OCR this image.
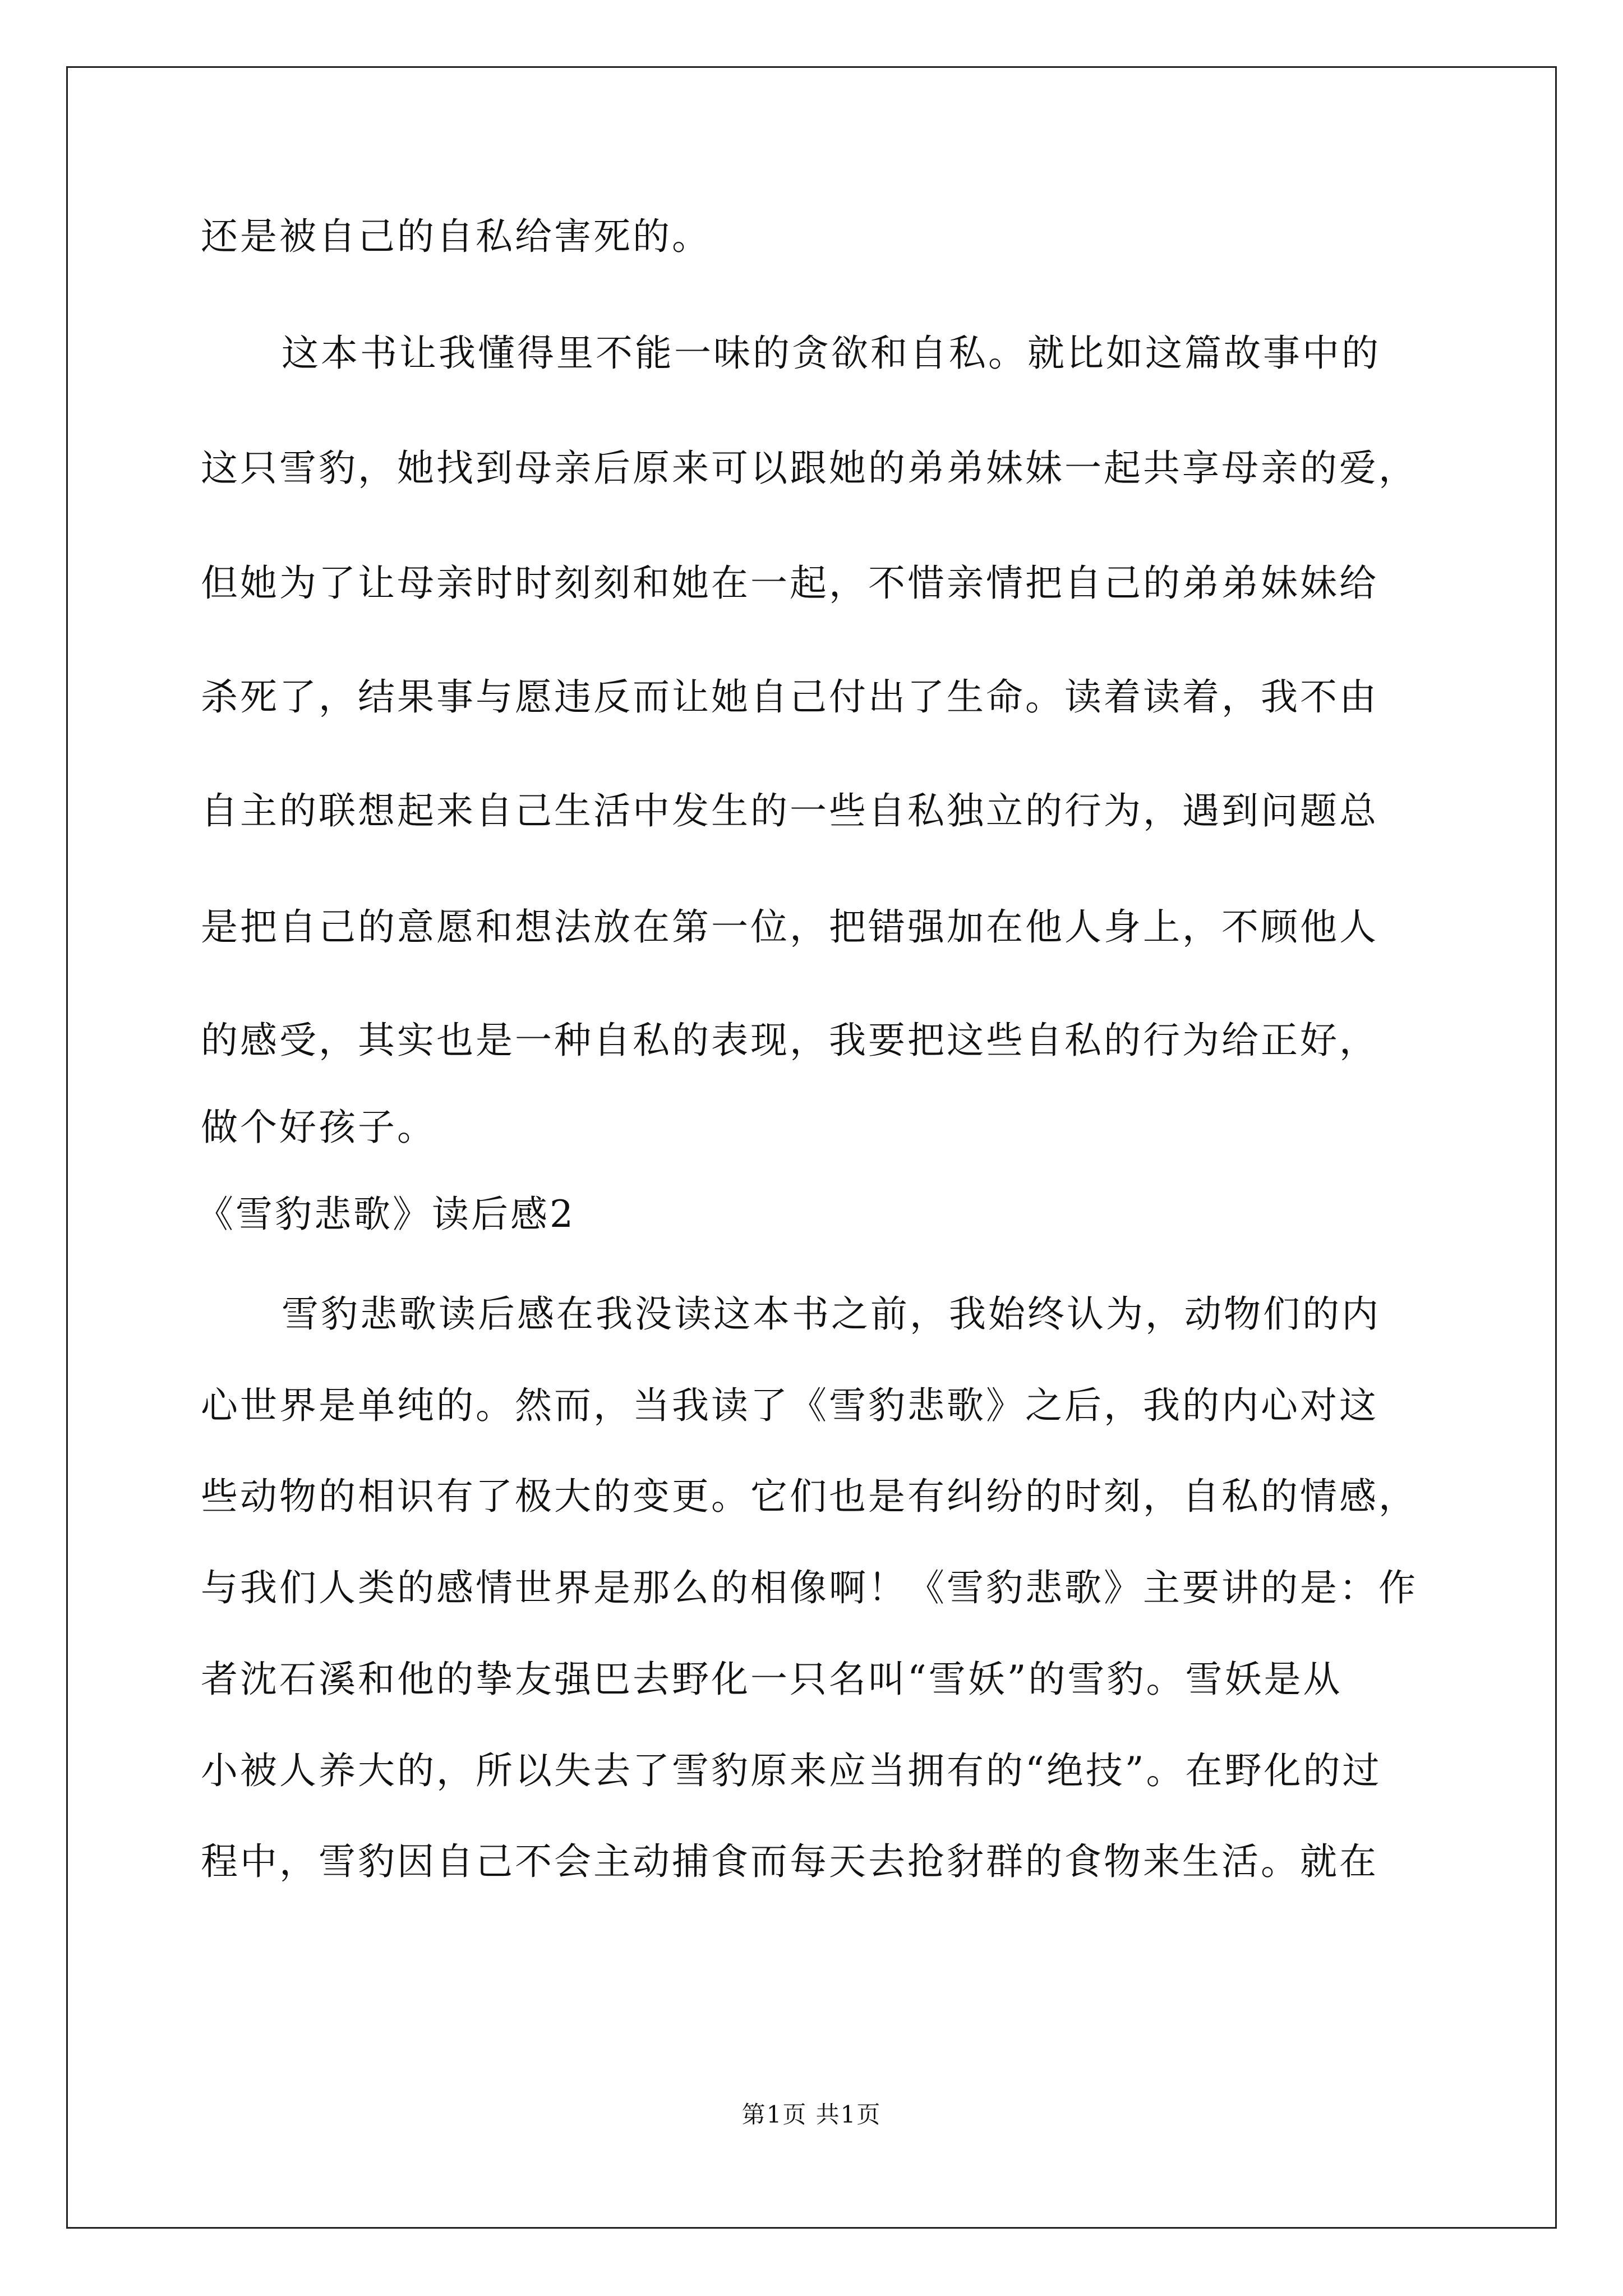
还是被自己的自私给害死的。
这本书让我懂得里不能一味的贪欲和自私。就比如这篇故事中的
这只雪豹，她找到母亲后原来可以跟她的弟弟妹妹一起共享母亲的爱，
但她为了让母亲时时刻刻和她在一起，不惜亲情把自己的弟弟妹妹给
杀死了，结果事与愿违反而让她自己付出了生命。读着读着，我不由
自主的联想起来自己生活中发生的一些自私独立的行为，遇到问题总
是把自己的意愿和想法放在第一位，把错强加在他人身上，不顾他人
的感受，其实也是一种自私的表现，我要把这些自私的行为给正好，
做个好孩子。
《雪豹悲歌》读后感2
雪豹悲歌读后感在我没读这本书之前，我始终认为，动物们的内
心世界是单纯的。然而，当我读了《雪豹悲歌》之后，我的内心对这
些动物的相识有了极大的变更。它们也是有纠纷的时刻，自私的情感，
与我们人类的感情世界是那么的相像啊！《雪豹悲歌》主要讲的是：作
者沈石溪和他的挚友强巴去野化一只名叫“雪妖”的雪豹。雪妖是从
小被人养大的，所以失去了雪豹原来应当拥有的“绝技”。在野化的过
程中，雪豹因自己不会主动捕食而每天去抢豺群的食物来生活。就在
第1页 共1页
